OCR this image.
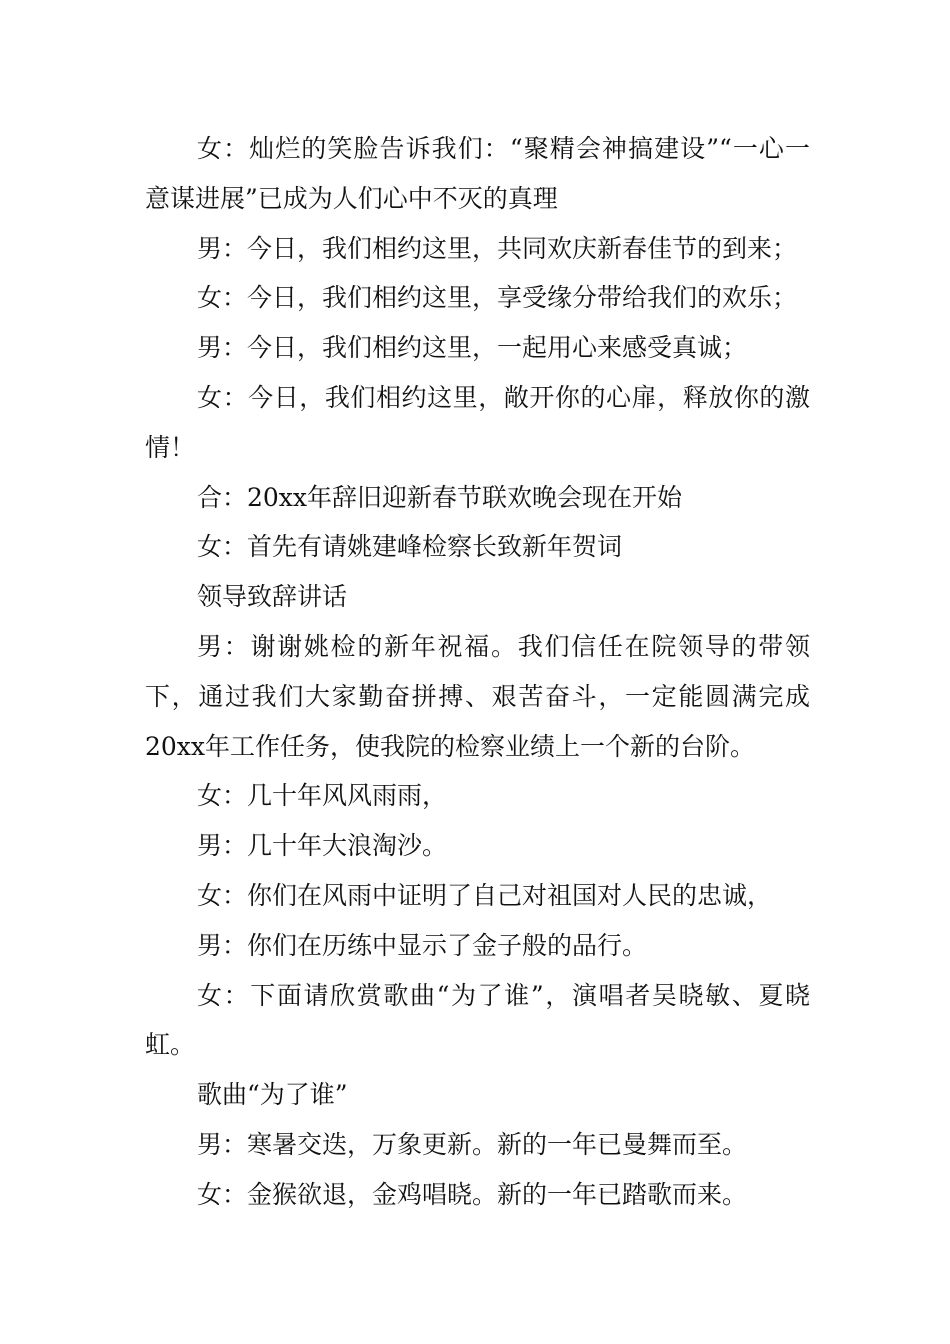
女：灿烂的笑脸告诉我们：“聚精会神搞建设”“一心一意谋进展”已成为人们心中不灭的真理

男：今日，我们相约这里，共同欢庆新春佳节的到来；

女：今日，我们相约这里，享受缘分带给我们的欢乐；

男：今日，我们相约这里，一起用心来感受真诚；

女：今日，我们相约这里，敞开你的心扉，释放你的激情！

合：20xx年辞旧迎新春节联欢晚会现在开始

女：首先有请姚建峰检察长致新年贺词

领导致辞讲话

男：谢谢姚检的新年祝福。我们信任在院领导的带领下，通过我们大家勤奋拼搏、艰苦奋斗，一定能圆满完成20xx年工作任务，使我院的检察业绩上一个新的台阶。

女：几十年风风雨雨，

男：几十年大浪淘沙。

女：你们在风雨中证明了自己对祖国对人民的忠诚，

男：你们在历练中显示了金子般的品行。

女：下面请欣赏歌曲“为了谁”，演唱者吴晓敏、夏晓虹。

歌曲“为了谁”

男：寒暑交迭，万象更新。新的一年已曼舞而至。

女：金猴欲退，金鸡唱晓。新的一年已踏歌而来。
